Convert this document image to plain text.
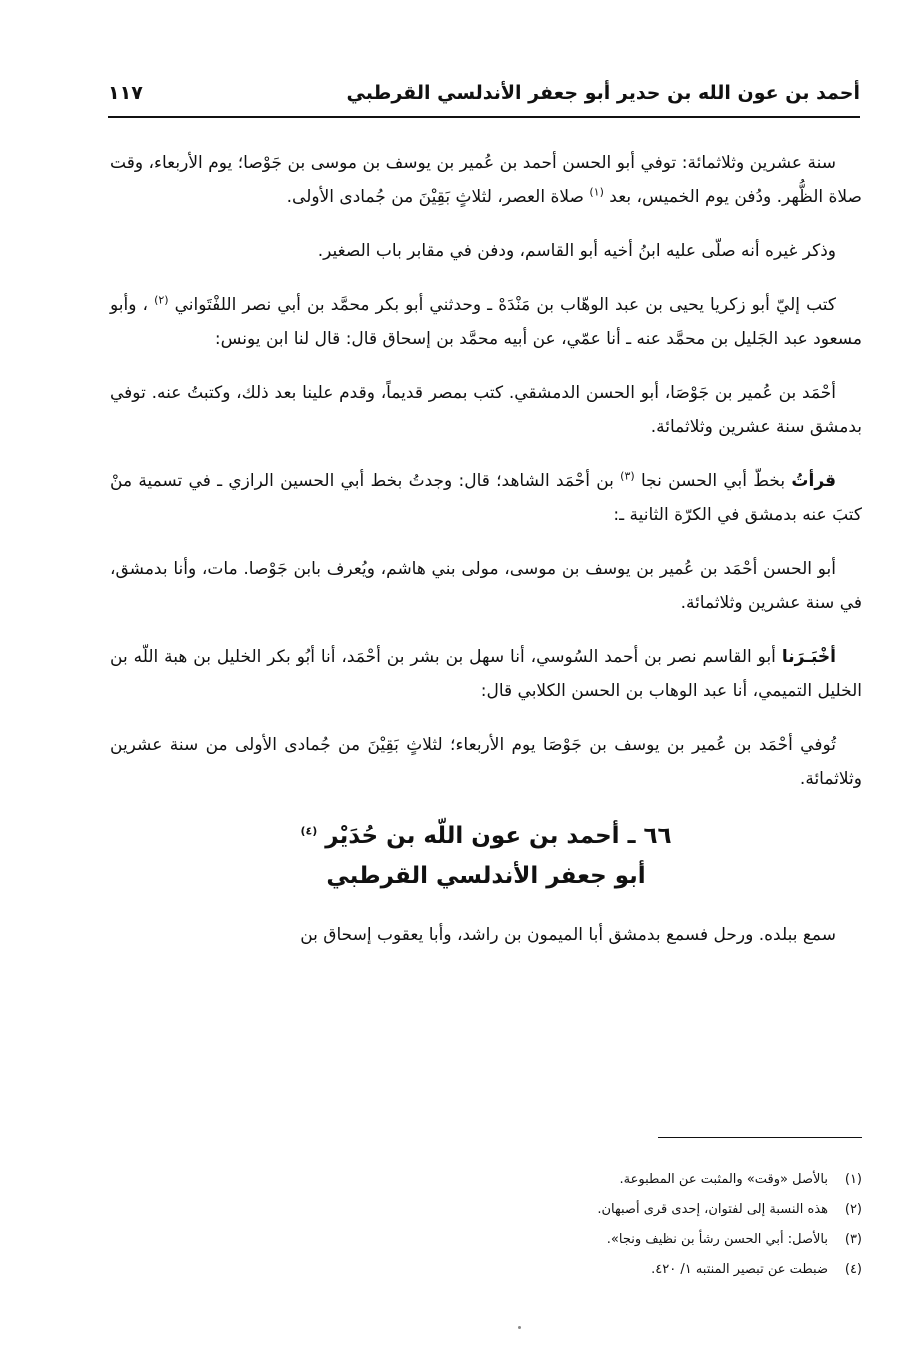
أحمد بن عون الله بن حدير أبو جعفر الأندلسي القرطبي
١١٧

سنة عشرين وثلاثمائة: توفي أبو الحسن أحمد بن عُمير بن يوسف بن موسى بن جَوْصا؛ يوم الأربعاء، وقت صلاة الظُّهر. ودُفن يوم الخميس، بعد $^{(١)}$ صلاة العصر، لثلاثٍ بَقِيْنَ من جُمادى الأولى.

وذكر غيره أنه صلّى عليه ابنُ أخيه أبو القاسم، ودفن في مقابر باب الصغير.

كتب إليّ أبو زكريا يحيى بن عبد الوهّاب بن مَنْدَهْ ـ وحدثني أبو بكر محمَّد بن أبي نصر اللفْتَواني $^{(٢)}$ ، وأبو مسعود عبد الجَليل بن محمَّد عنه ـ أنا عمّي، عن أبيه محمَّد بن إسحاق قال: قال لنا ابن يونس:

أحْمَد بن عُمير بن جَوْصَا، أبو الحسن الدمشقي. كتب بمصر قديماً، وقدم علينا بعد ذلك، وكتبتُ عنه. توفي بدمشق سنة عشرين وثلاثمائة.

قرأتُ بخطّ أبي الحسن نجا $^{(٣)}$ بن أحْمَد الشاهد؛ قال: وجدتُ بخط أبي الحسين الرازي ـ في تسمية منْ كتبَ عنه بدمشق في الكرّة الثانية ـ:

أبو الحسن أحْمَد بن عُمير بن يوسف بن موسى، مولى بني هاشم، ويُعرف بابن جَوْصا. مات، وأنا بدمشق، في سنة عشرين وثلاثمائة.

أخْبَـرَنا أبو القاسم نصر بن أحمد السُوسي، أنا سهل بن بشر بن أحْمَد، أنا أبُو بكر الخليل بن هبة اللّه بن الخليل التميمي، أنا عبد الوهاب بن الحسن الكلابي قال:

تُوفي أحْمَد بن عُمير بن يوسف بن جَوْصَا يوم الأربعاء؛ لثلاثٍ بَقِيْنَ من جُمادى الأولى من سنة عشرين وثلاثمائة.

٦٦ ـ أحمد بن عون اللّه بن حُدَيْر $^{(٤)}$
أبو جعفر الأندلسي القرطبي

سمع ببلده. ورحل فسمع بدمشق أبا الميمون بن راشد، وأبا يعقوب إسحاق بن

(١)بالأصل «وقت» والمثبت عن المطبوعة.
(٢)هذه النسبة إلى لفتوان، إحدى قرى أصبهان.
(٣)بالأصل: أبي الحسن رشأ بن نظيف ونجا».
(٤)ضبطت عن تبصير المنتبه ١/ ٤٢٠.
